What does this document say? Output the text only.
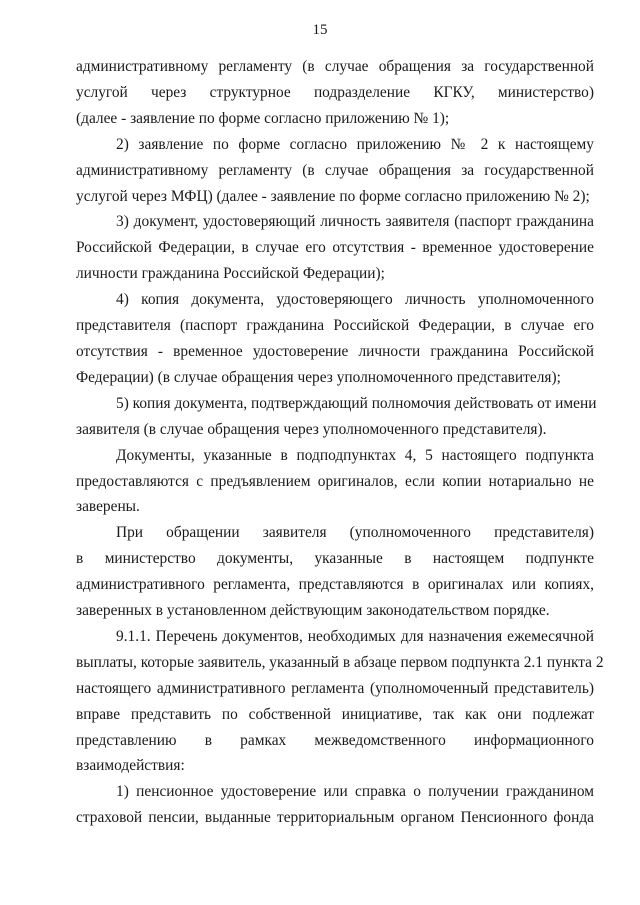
15

административному регламенту (в случае обращения за государственной
услугой через структурное подразделение КГКУ, министерство)
(далее - заявление по форме согласно приложению № 1);

2) заявление по форме согласно приложению № 2 к настоящему
административному регламенту (в случае обращения за государственной
услугой через МФЦ) (далее - заявление по форме согласно приложению № 2);

3) документ, удостоверяющий личность заявителя (паспорт гражданина
Российской Федерации, в случае его отсутствия - временное удостоверение
личности гражданина Российской Федерации);

4) копия документа, удостоверяющего личность уполномоченного
представителя (паспорт гражданина Российской Федерации, в случае его
отсутствия - временное удостоверение личности гражданина Российской
Федерации) (в случае обращения через уполномоченного представителя);

5) копия документа, подтверждающий полномочия действовать от имени
заявителя (в случае обращения через уполномоченного представителя).

Документы, указанные в подподпунктах 4, 5 настоящего подпункта
предоставляются с предъявлением оригиналов, если копии нотариально не
заверены.

При обращении заявителя (уполномоченного представителя)
в министерство документы, указанные в настоящем подпункте
административного регламента, представляются в оригиналах или копиях,
заверенных в установленном действующим законодательством порядке.

9.1.1. Перечень документов, необходимых для назначения ежемесячной
выплаты, которые заявитель, указанный в абзаце первом подпункта 2.1 пункта 2
настоящего административного регламента (уполномоченный представитель)
вправе представить по собственной инициативе, так как они подлежат
представлению в рамках межведомственного информационного
взаимодействия:

1) пенсионное удостоверение или справка о получении гражданином
страховой пенсии, выданные территориальным органом Пенсионного фонда
